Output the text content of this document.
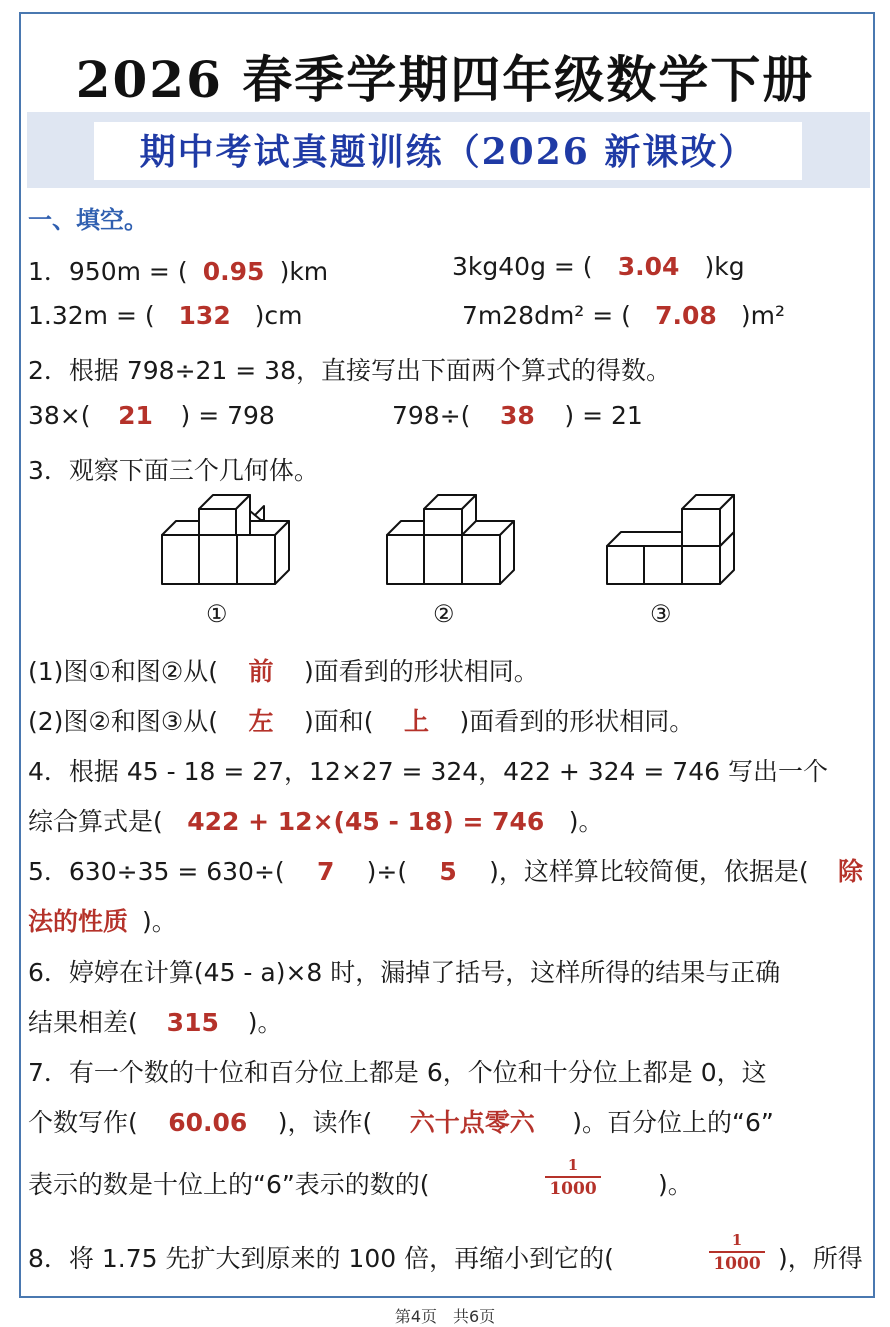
2026 春季学期四年级数学下册
期中考试真题训练（2026 新课改）
一、填空。
1．950m = ( 0.95 )km	3kg40g = ( 3.04 )kg
1.32m = ( 132 )cm	7m28dm² = ( 7.08 )m²
2．根据 798÷21 = 38，直接写出下面两个算式的得数。
38×( 21 ) = 798	798÷( 38 ) = 21
3．观察下面三个几何体。
①	②	③
(1)图①和图②从( 前 )面看到的形状相同。
(2)图②和图③从( 左 )面和( 上 )面看到的形状相同。
4．根据 45 - 18 = 27，12×27 = 324，422 + 324 = 746 写出一个
综合算式是( 422 + 12×(45 - 18) = 746 )。
5．630÷35 = 630÷( 7 )÷( 5 )，这样算比较简便，依据是( 除
法的性质 )。
6．婷婷在计算(45 - a)×8 时，漏掉了括号，这样所得的结果与正确
结果相差( 315 )。
7．有一个数的十位和百分位上都是 6，个位和十分位上都是 0，这
个数写作( 60.06 )，读作( 六十点零六 )。百分位上的“6”
表示的数是十位上的“6”表示的数的(
1
1000 )。
8．将 1.75 先扩大到原来的 100 倍，再缩小到它的(
1
1000 )，所得
第4页　共6页
